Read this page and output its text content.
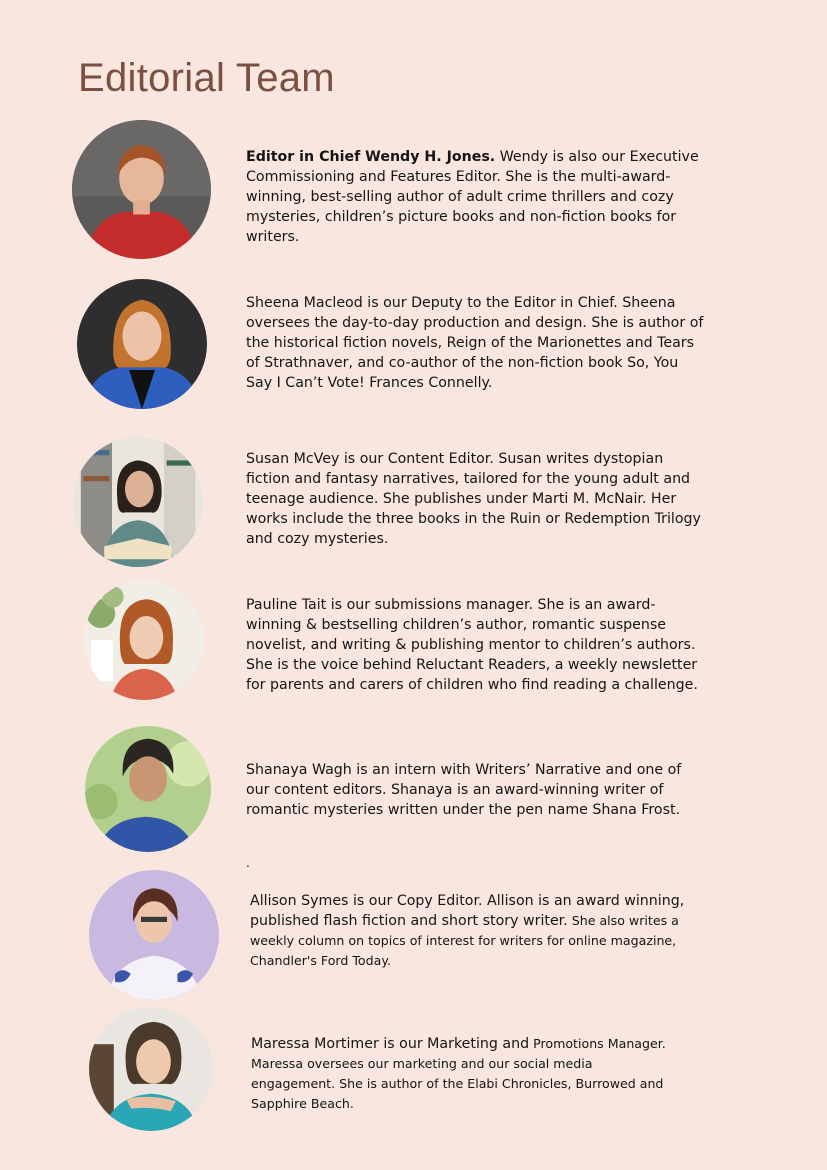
Editorial Team
Editor in Chief Wendy H. Jones. Wendy is also our Executive Commissioning and Features Editor. She is the multi-award-winning, best-selling author of adult crime thrillers and cozy mysteries, children’s picture books and non-fiction books for writers.
Sheena Macleod is our Deputy to the Editor in Chief. Sheena oversees the day-to-day production and design. She is author of the historical fiction novels, Reign of the Marionettes and Tears of Strathnaver, and co-author of the non-fiction book So, You Say I Can’t Vote! Frances Connelly.
Susan McVey is our Content Editor. Susan writes dystopian fiction and fantasy narratives, tailored for the young adult and teenage audience. She publishes under Marti M. McNair. Her works include the three books in the Ruin or Redemption Trilogy and cozy mysteries.
Pauline Tait is our submissions manager. She is an award-winning & bestselling children’s author, romantic suspense novelist, and writing & publishing mentor to children’s authors. She is the voice behind Reluctant Readers, a weekly newsletter for parents and carers of children who find reading a challenge.
Shanaya Wagh is an intern with Writers’ Narrative and one of our content editors. Shanaya is an award-winning writer of romantic mysteries written under the pen name Shana Frost.
.
Allison Symes is our Copy Editor. Allison is an award winning, published flash fiction and short story writer. She also writes a weekly column on topics of interest for writers for online magazine, Chandler's Ford Today.
Maressa Mortimer is our Marketing and Promotions Manager. Maressa oversees our marketing and our social media engagement. She is author of the Elabi Chronicles, Burrowed and Sapphire Beach.
